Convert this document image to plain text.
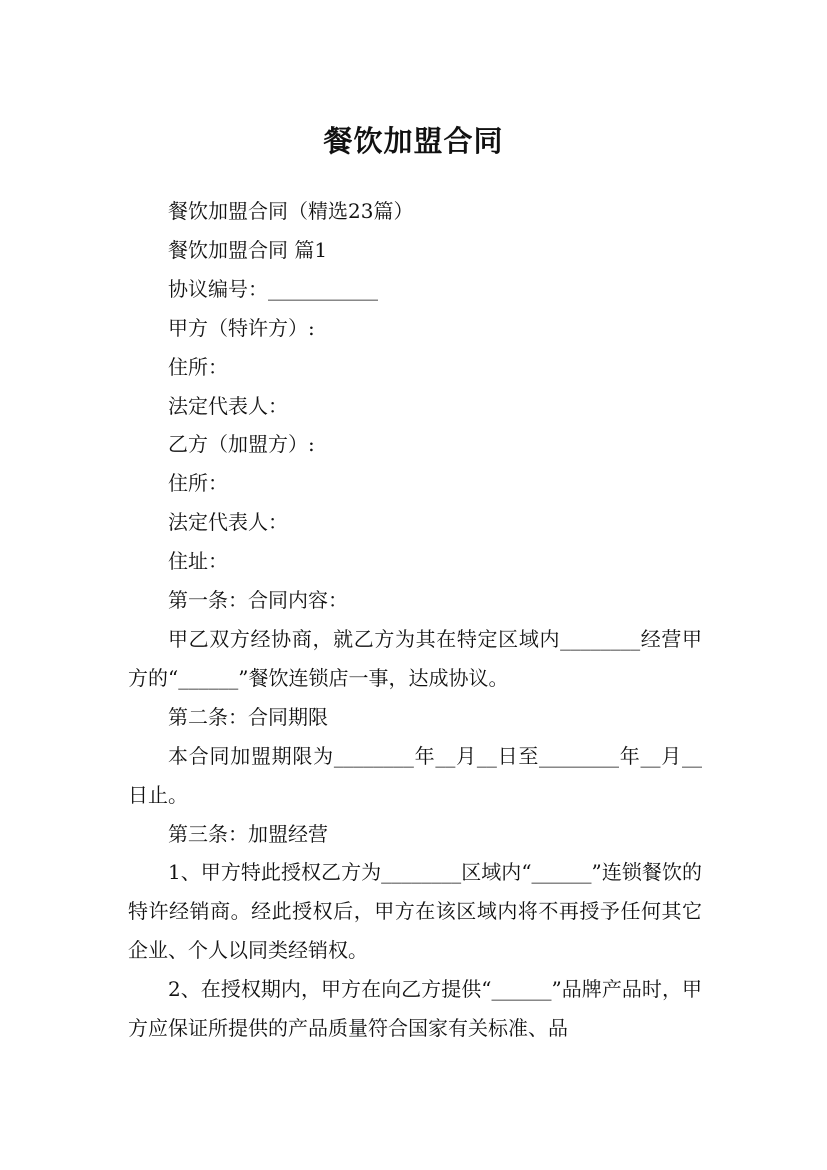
餐饮加盟合同

餐饮加盟合同（精选23篇）

餐饮加盟合同 篇1

协议编号：___________

甲方（特许方）:

住所：

法定代表人：

乙方（加盟方）:

住所：

法定代表人：

住址：

第一条：合同内容：

甲乙双方经协商，就乙方为其在特定区域内________经营甲方的“______”餐饮连锁店一事，达成协议。

第二条：合同期限

本合同加盟期限为________年__月__日至________年__月__日止。

第三条：加盟经营

1、甲方特此授权乙方为________区域内“______”连锁餐饮的特许经销商。经此授权后，甲方在该区域内将不再授予任何其它企业、个人以同类经销权。

2、在授权期内，甲方在向乙方提供“______”品牌产品时，甲方应保证所提供的产品质量符合国家有关标准、品
